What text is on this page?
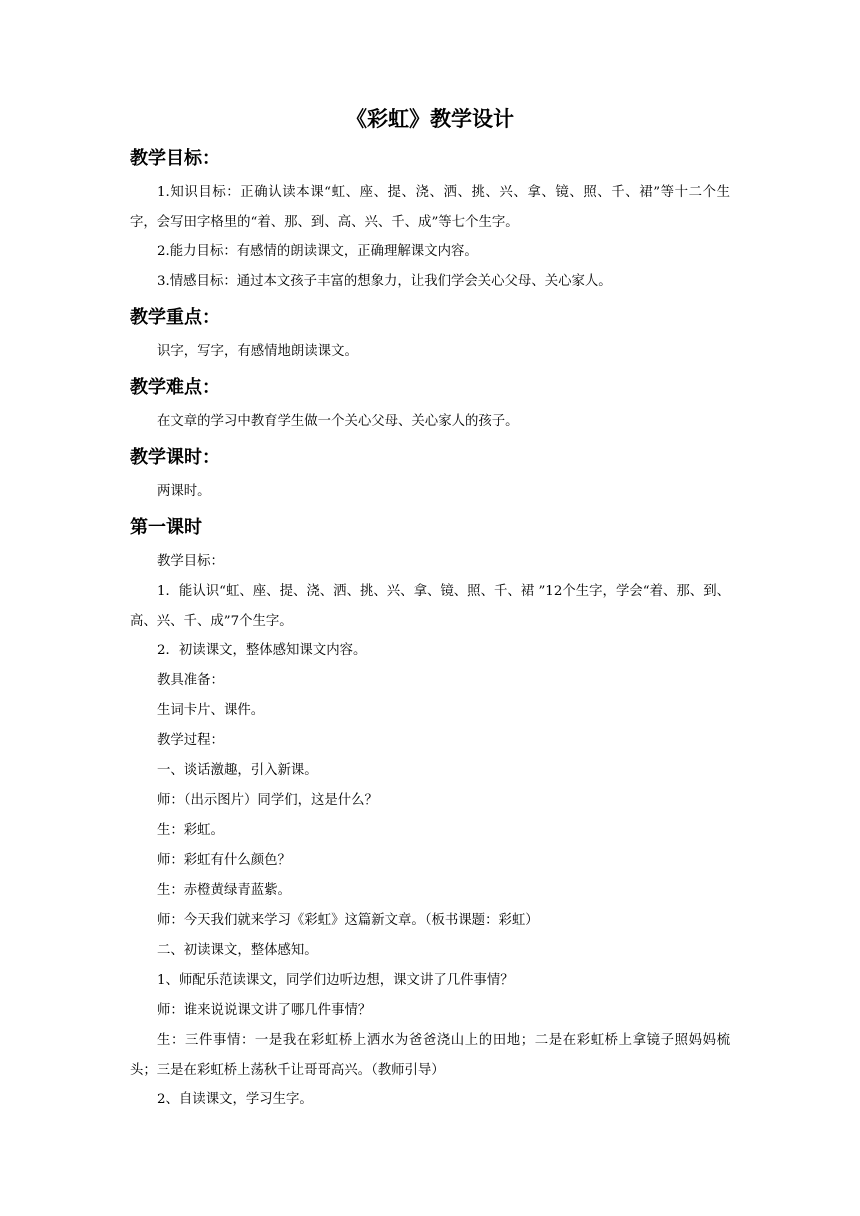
《彩虹》教学设计
教学目标：

1.知识目标：正确认读本课“虹、座、提、浇、洒、挑、兴、拿、镜、照、千、裙”等十二个生字，会写田字格里的“着、那、到、高、兴、千、成”等七个生字。

2.能力目标：有感情的朗读课文，正确理解课文内容。

3.情感目标：通过本文孩子丰富的想象力，让我们学会关心父母、关心家人。

教学重点：

识字，写字，有感情地朗读课文。

教学难点：

在文章的学习中教育学生做一个关心父母、关心家人的孩子。

教学课时：

两课时。

第一课时

教学目标：

1．能认识“虹、座、提、浇、洒、挑、兴、拿、镜、照、千、裙 ”12个生字，学会“着、那、到、高、兴、千、成”7个生字。

2．初读课文，整体感知课文内容。

教具准备：

生词卡片、课件。

教学过程：

一、谈话激趣，引入新课。

师：（出示图片）同学们，这是什么？

生：彩虹。

师：彩虹有什么颜色？

生：赤橙黄绿青蓝紫。

师：今天我们就来学习《彩虹》这篇新文章。（板书课题：彩虹）

二、初读课文，整体感知。

1、师配乐范读课文，同学们边听边想，课文讲了几件事情？

师：谁来说说课文讲了哪几件事情？

生：三件事情：一是我在彩虹桥上洒水为爸爸浇山上的田地；二是在彩虹桥上拿镜子照妈妈梳头；三是在彩虹桥上荡秋千让哥哥高兴。（教师引导）

2、自读课文，学习生字。
